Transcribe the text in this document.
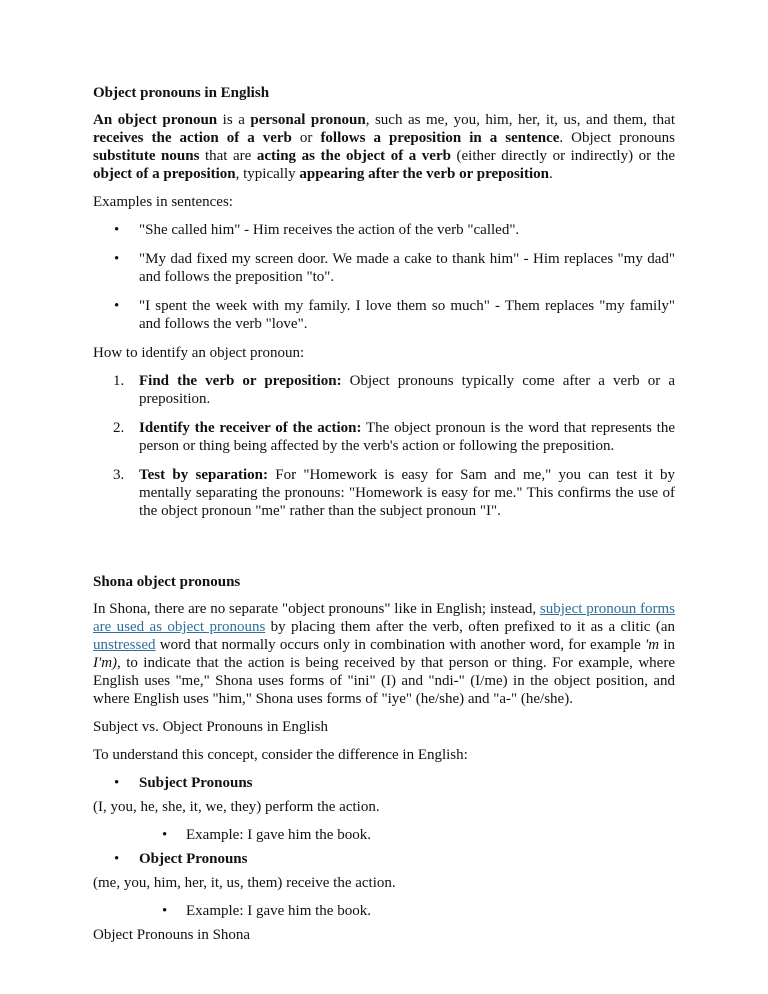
Object pronouns in English

An object pronoun is a personal pronoun, such as me, you, him, her, it, us, and them, that receives the action of a verb or follows a preposition in a sentence. Object pronouns substitute nouns that are acting as the object of a verb (either directly or indirectly) or the object of a preposition, typically appearing after the verb or preposition.

Examples in sentences:

• "She called him" - Him receives the action of the verb "called".
• "My dad fixed my screen door. We made a cake to thank him" - Him replaces "my dad" and follows the preposition "to".
• "I spent the week with my family. I love them so much" - Them replaces "my family" and follows the verb "love".

How to identify an object pronoun:

1. Find the verb or preposition: Object pronouns typically come after a verb or a preposition.
2. Identify the receiver of the action: The object pronoun is the word that represents the person or thing being affected by the verb's action or following the preposition.
3. Test by separation: For "Homework is easy for Sam and me," you can test it by mentally separating the pronouns: "Homework is easy for me." This confirms the use of the object pronoun "me" rather than the subject pronoun "I".

Shona object pronouns

In Shona, there are no separate "object pronouns" like in English; instead, subject pronoun forms are used as object pronouns by placing them after the verb, often prefixed to it as a clitic (an unstressed word that normally occurs only in combination with another word, for example 'm in I'm), to indicate that the action is being received by that person or thing. For example, where English uses "me," Shona uses forms of "ini" (I) and "ndi-" (I/me) in the object position, and where English uses "him," Shona uses forms of "iye" (he/she) and "a-" (he/she).

Subject vs. Object Pronouns in English

To understand this concept, consider the difference in English:

• Subject Pronouns

(I, you, he, she, it, we, they) perform the action.

• Example: I gave him the book.
• Object Pronouns

(me, you, him, her, it, us, them) receive the action.

• Example: I gave him the book.

Object Pronouns in Shona
